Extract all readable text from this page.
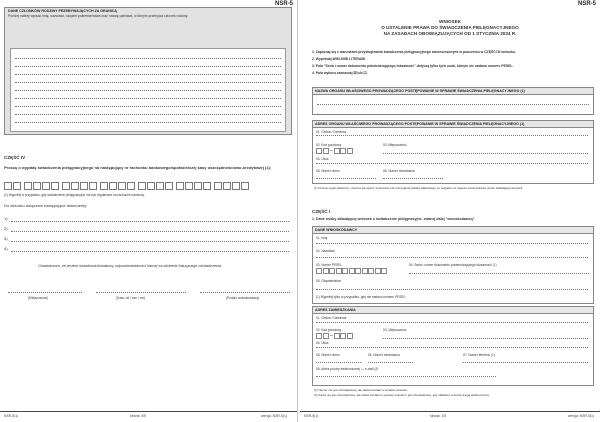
NSR-5
DANE CZŁONKÓW RODZINY PRZEBYWAJĄCYCH ZA GRANICĄ
Poniżej należy wpisać imię, nazwisko, stopień pokrewieństwa oraz nazwę państwa, w którym przebywa członek rodziny.
CZĘŚĆ IV
Proszę o wypłatę świadczenia pielęgnacyjnego na następujący nr rachunku bankowego/spółdzielczej kasy oszczędnościowo-kredytowej (1):
(1) Wypełnij w przypadku, gdy świadczenie pielęgnacyjne ma być wypłacane na rachunek bankowy.
Do wniosku dołączam następujące dokumenty:
1)
2)
3)
4)
Oświadczam, że jestem świadoma/świadomy odpowiedzialności karnej za złożenie fałszywego oświadczenia.
(Miejscowość)	(Data: dd / mm / rrrr)	(Podpis wnioskodawcy)
NSR-5(1)	strona: 5/5	wersja: NSR-5(1)
NSR-5
WNIOSEK
O USTALENIE PRAWA DO ŚWIADCZENIA PIELĘGNACYJNEGO
NA ZASADACH OBOWIĄZUJĄCYCH OD 1 STYCZNIA 2024 R.
1. Zapoznaj się z warunkami przysługiwania świadczenia pielęgnacyjnego zamieszczonymi w pouczeniu w CZĘŚCI III wniosku.
2. Wypełniaj WIELKIMI LITERAMI.
3. Pola "Seria i numer dokumentu potwierdzającego tożsamość" dotyczą tylko tych osób, którym nie nadano numeru PESEL.
4. Pola wyboru zaznaczaj ☒ lub ☑.
NAZWA ORGANU WŁAŚCIWEGO PROWADZĄCEGO POSTĘPOWANIE W SPRAWIE ŚWIADCZENIA PIELĘGNACYJNEGO (1)
ADRES ORGANU WŁAŚCIWEGO PROWADZĄCEGO POSTĘPOWANIE W SPRAWIE ŚWIADCZENIA PIELĘGNACYJNEGO (1)
01. Gmina / Dzielnica
02. Kod pocztowy
–
03. Miejscowość
04. Ulica
05. Numer domu	06. Numer mieszkania
(1) Proszę organ właściwy, rzeczna się wpisz, konkretnie lub przesyłania składa właściwego ze względu na miejsce zamieszkania osoby składającej wniosek.
CZĘŚĆ I
1. Dane osoby składającej wniosek o świadczenie pielęgnacyjne, zwanej dalej "wnioskodawcą".
DANE WNIOSKODAWCY
01. Imię
02. Nazwisko
03. Numer PESEL	04. Seria i numer dokumentu potwierdzającego tożsamość (1)
05. Obywatelstwo
(1) Wypełnij tylko w przypadku, gdy nie nadano numeru PESEL.
ADRES ZAMIESZKANIA
01. Gmina / Dzielnica
02. Kod pocztowy
–
03. Miejscowość
04. Ulica
05. Numer domu	06. Numer mieszkania	07. Numer telefonu (1)
08. Adres poczty elektronicznej — e-mail (2)
(1) Numer nie jest obowiązkowy, ale ułatwi kontakt w sprawie wniosku.
(2) Adres nie jest obowiązkowy, ale ułatwi kontakt w sprawie wniosku i jest obowiązkowy, gdy składasz wniosek drogą elektroniczną.
NSR-5(1)	strona: 1/5	wersja: NSR-5(1)
